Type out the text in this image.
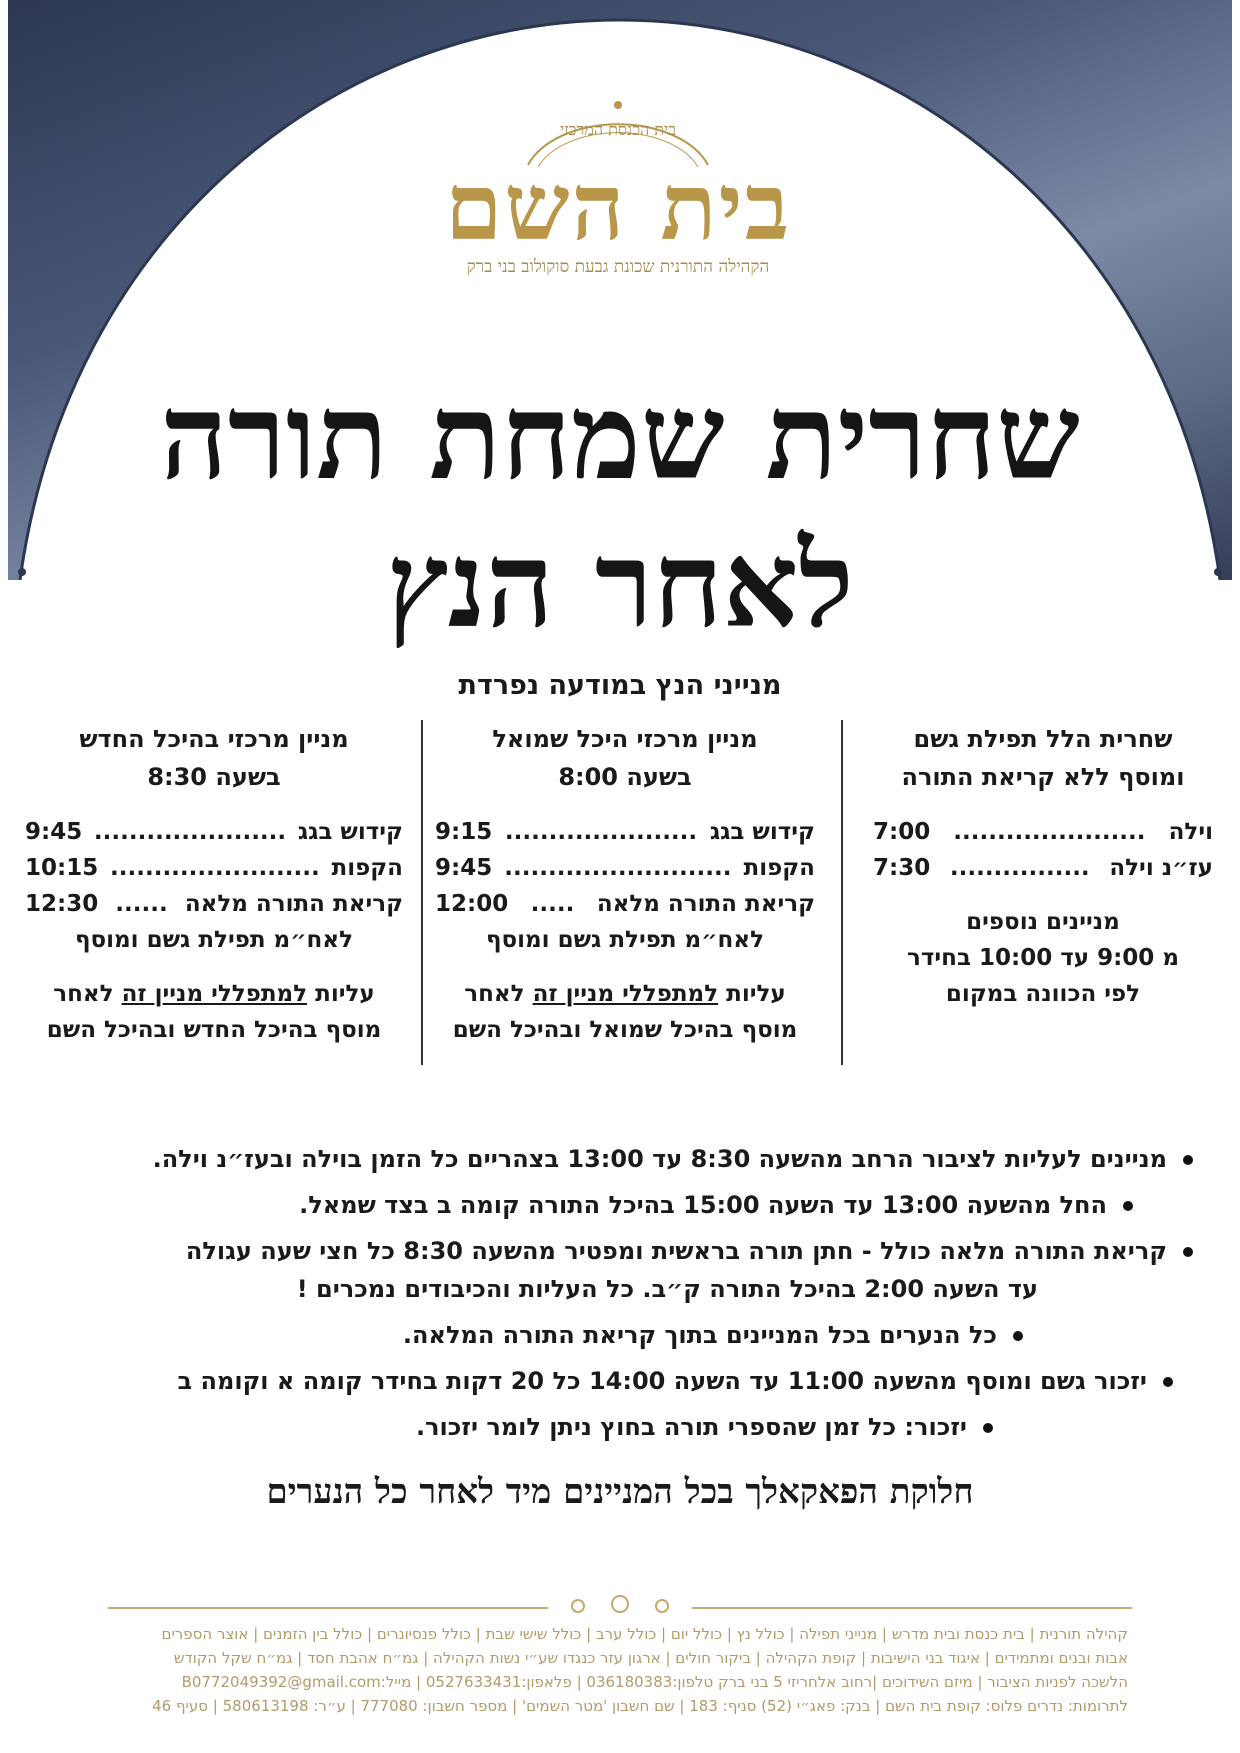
בית הכנסת המרכזי
בית השם
הקהילה התורנית שכונת גבעת סוקולוב בני ברק
שחרית שמחת תורה
לאחר הנץ
מנייני הנץ במודעה נפרדת
שחרית הלל תפילת גשם
ומוסף ללא קריאת התורה
וילה
......................
7:00
עז״נ וילה
................
7:30
מניינים נוספים
מ 9:00 עד 10:00 בחידר
לפי הכוונה במקום
מניין מרכזי היכל שמואל
בשעה 8:00
קידוש בגג
......................
9:15
הקפות
..........................
9:45
קריאת התורה מלאה
.....
12:00
לאח״מ תפילת גשם ומוסף
עליות למתפללי מניין זה לאחר
מוסף בהיכל שמואל ובהיכל השם
מניין מרכזי בהיכל החדש
בשעה 8:30
קידוש בגג
......................
9:45
הקפות
........................
10:15
קריאת התורה מלאה
......
12:30
לאח״מ תפילת גשם ומוסף
עליות למתפללי מניין זה לאחר
מוסף בהיכל החדש ובהיכל השם
מניינים לעליות לציבור הרחב מהשעה 8:30 עד 13:00 בצהריים כל הזמן בוילה ובעז״נ וילה.
החל מהשעה 13:00 עד השעה 15:00 בהיכל התורה קומה ב בצד שמאל.
קריאת התורה מלאה כולל - חתן תורה בראשית ומפטיר מהשעה 8:30 כל חצי שעה עגולה
עד השעה 2:00 בהיכל התורה ק״ב. כל העליות והכיבודים נמכרים !
כל הנערים בכל המניינים בתוך קריאת התורה המלאה.
יזכור גשם ומוסף מהשעה 11:00 עד השעה 14:00 כל 20 דקות בחידר קומה א וקומה ב
יזכור: כל זמן שהספרי תורה בחוץ ניתן לומר יזכור.
חלוקת הפאקאלך בכל המניינים מיד לאחר כל הנערים
קהילה תורנית | בית כנסת ובית מדרש | מנייני תפילה | כולל נץ | כולל יום | כולל ערב | כולל שישי שבת | כולל פנסיונרים | כולל בין הזמנים | אוצר הספרים
אבות ובנים ומתמידים | איגוד בני הישיבות | קופת הקהילה | ביקור חולים | ארגון עזר כנגדו שע״י נשות הקהילה | גמ״ח אהבת חסד | גמ״ח שקל הקודש
הלשכה לפניות הציבור | מיזם השידוכים |רחוב אלחריזי 5 בני ברק טלפון:036180383 | פלאפון:0527633431 | מייל:B0772049392@gmail.com
לתרומות: נדרים פלוס: קופת בית השם | בנק: פאג״י (52) סניף: 183 | שם חשבון 'מטר השמים' | מספר חשבון: 777080 | ע״ר: 580613198 | סעיף 46
